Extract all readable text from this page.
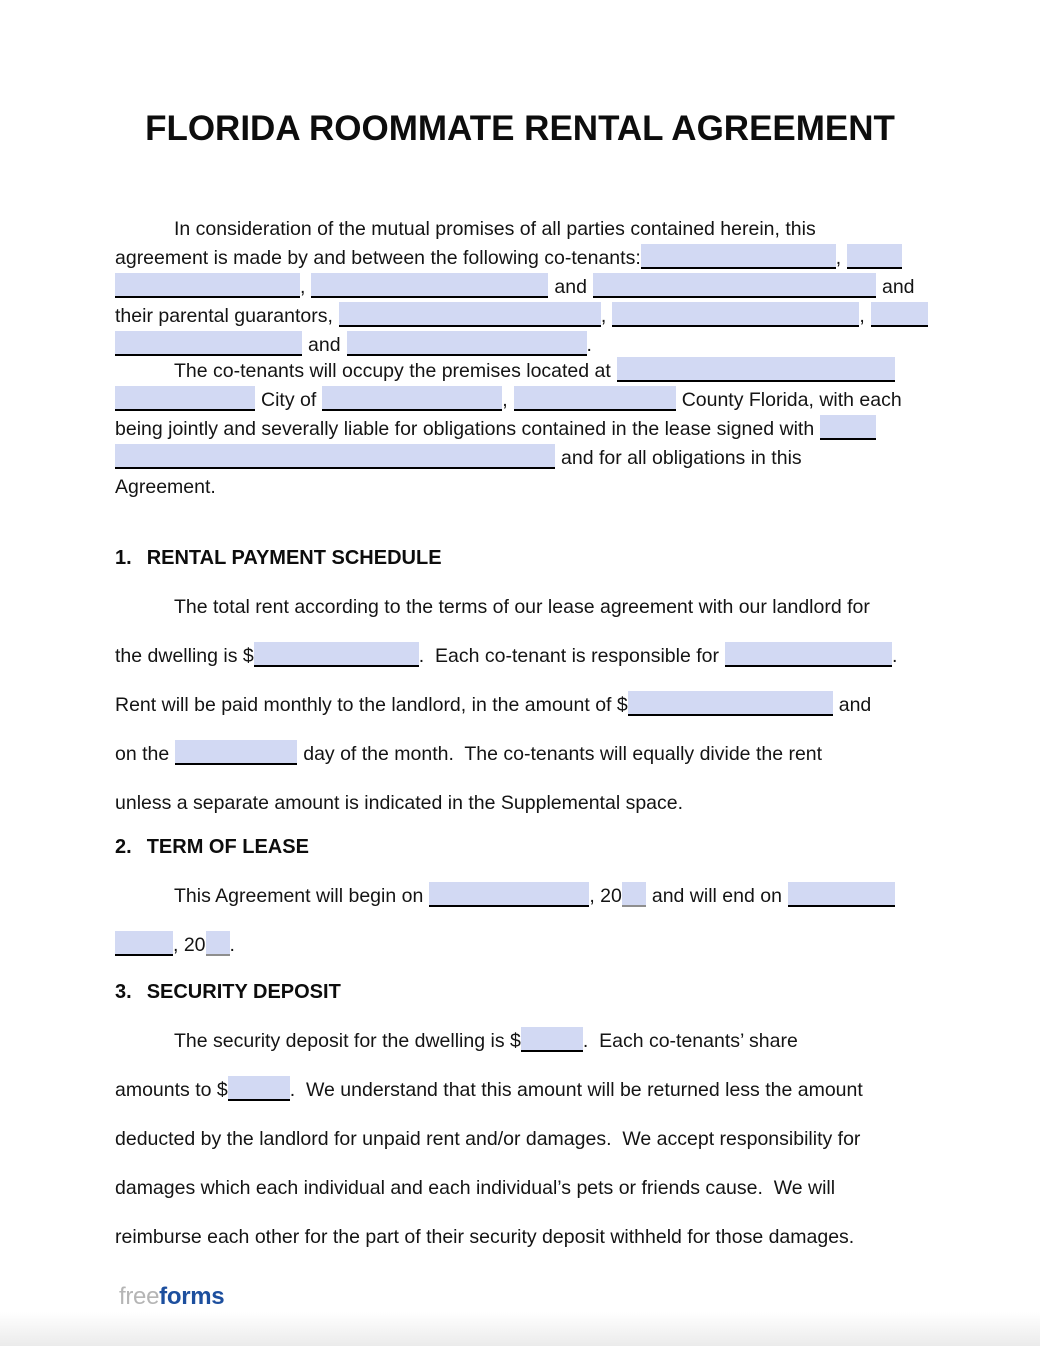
FLORIDA ROOMMATE RENTAL AGREEMENT
In consideration of the mutual promises of all parties contained herein, this
agreement is made by and between the following co-tenants:	,
,	and	and
their parental guarantors,	,	,
and	.
The co-tenants will occupy the premises located at
City of	,	County Florida, with each
being jointly and severally liable for obligations contained in the lease signed with
and for all obligations in this
Agreement.
1. RENTAL PAYMENT SCHEDULE
The total rent according to the terms of our lease agreement with our landlord for
the dwelling is $	.  Each co-tenant is responsible for	.
Rent will be paid monthly to the landlord, in the amount of $	and
on the	day of the month.  The co-tenants will equally divide the rent
unless a separate amount is indicated in the Supplemental space.
2. TERM OF LEASE
This Agreement will begin on	, 20 and will end on
, 20 .
3. SECURITY DEPOSIT
The security deposit for the dwelling is $	.  Each co-tenants’ share
amounts to $	.  We understand that this amount will be returned less the amount
deducted by the landlord for unpaid rent and/or damages.  We accept responsibility for
damages which each individual and each individual’s pets or friends cause.  We will
reimburse each other for the part of their security deposit withheld for those damages.
freeforms
